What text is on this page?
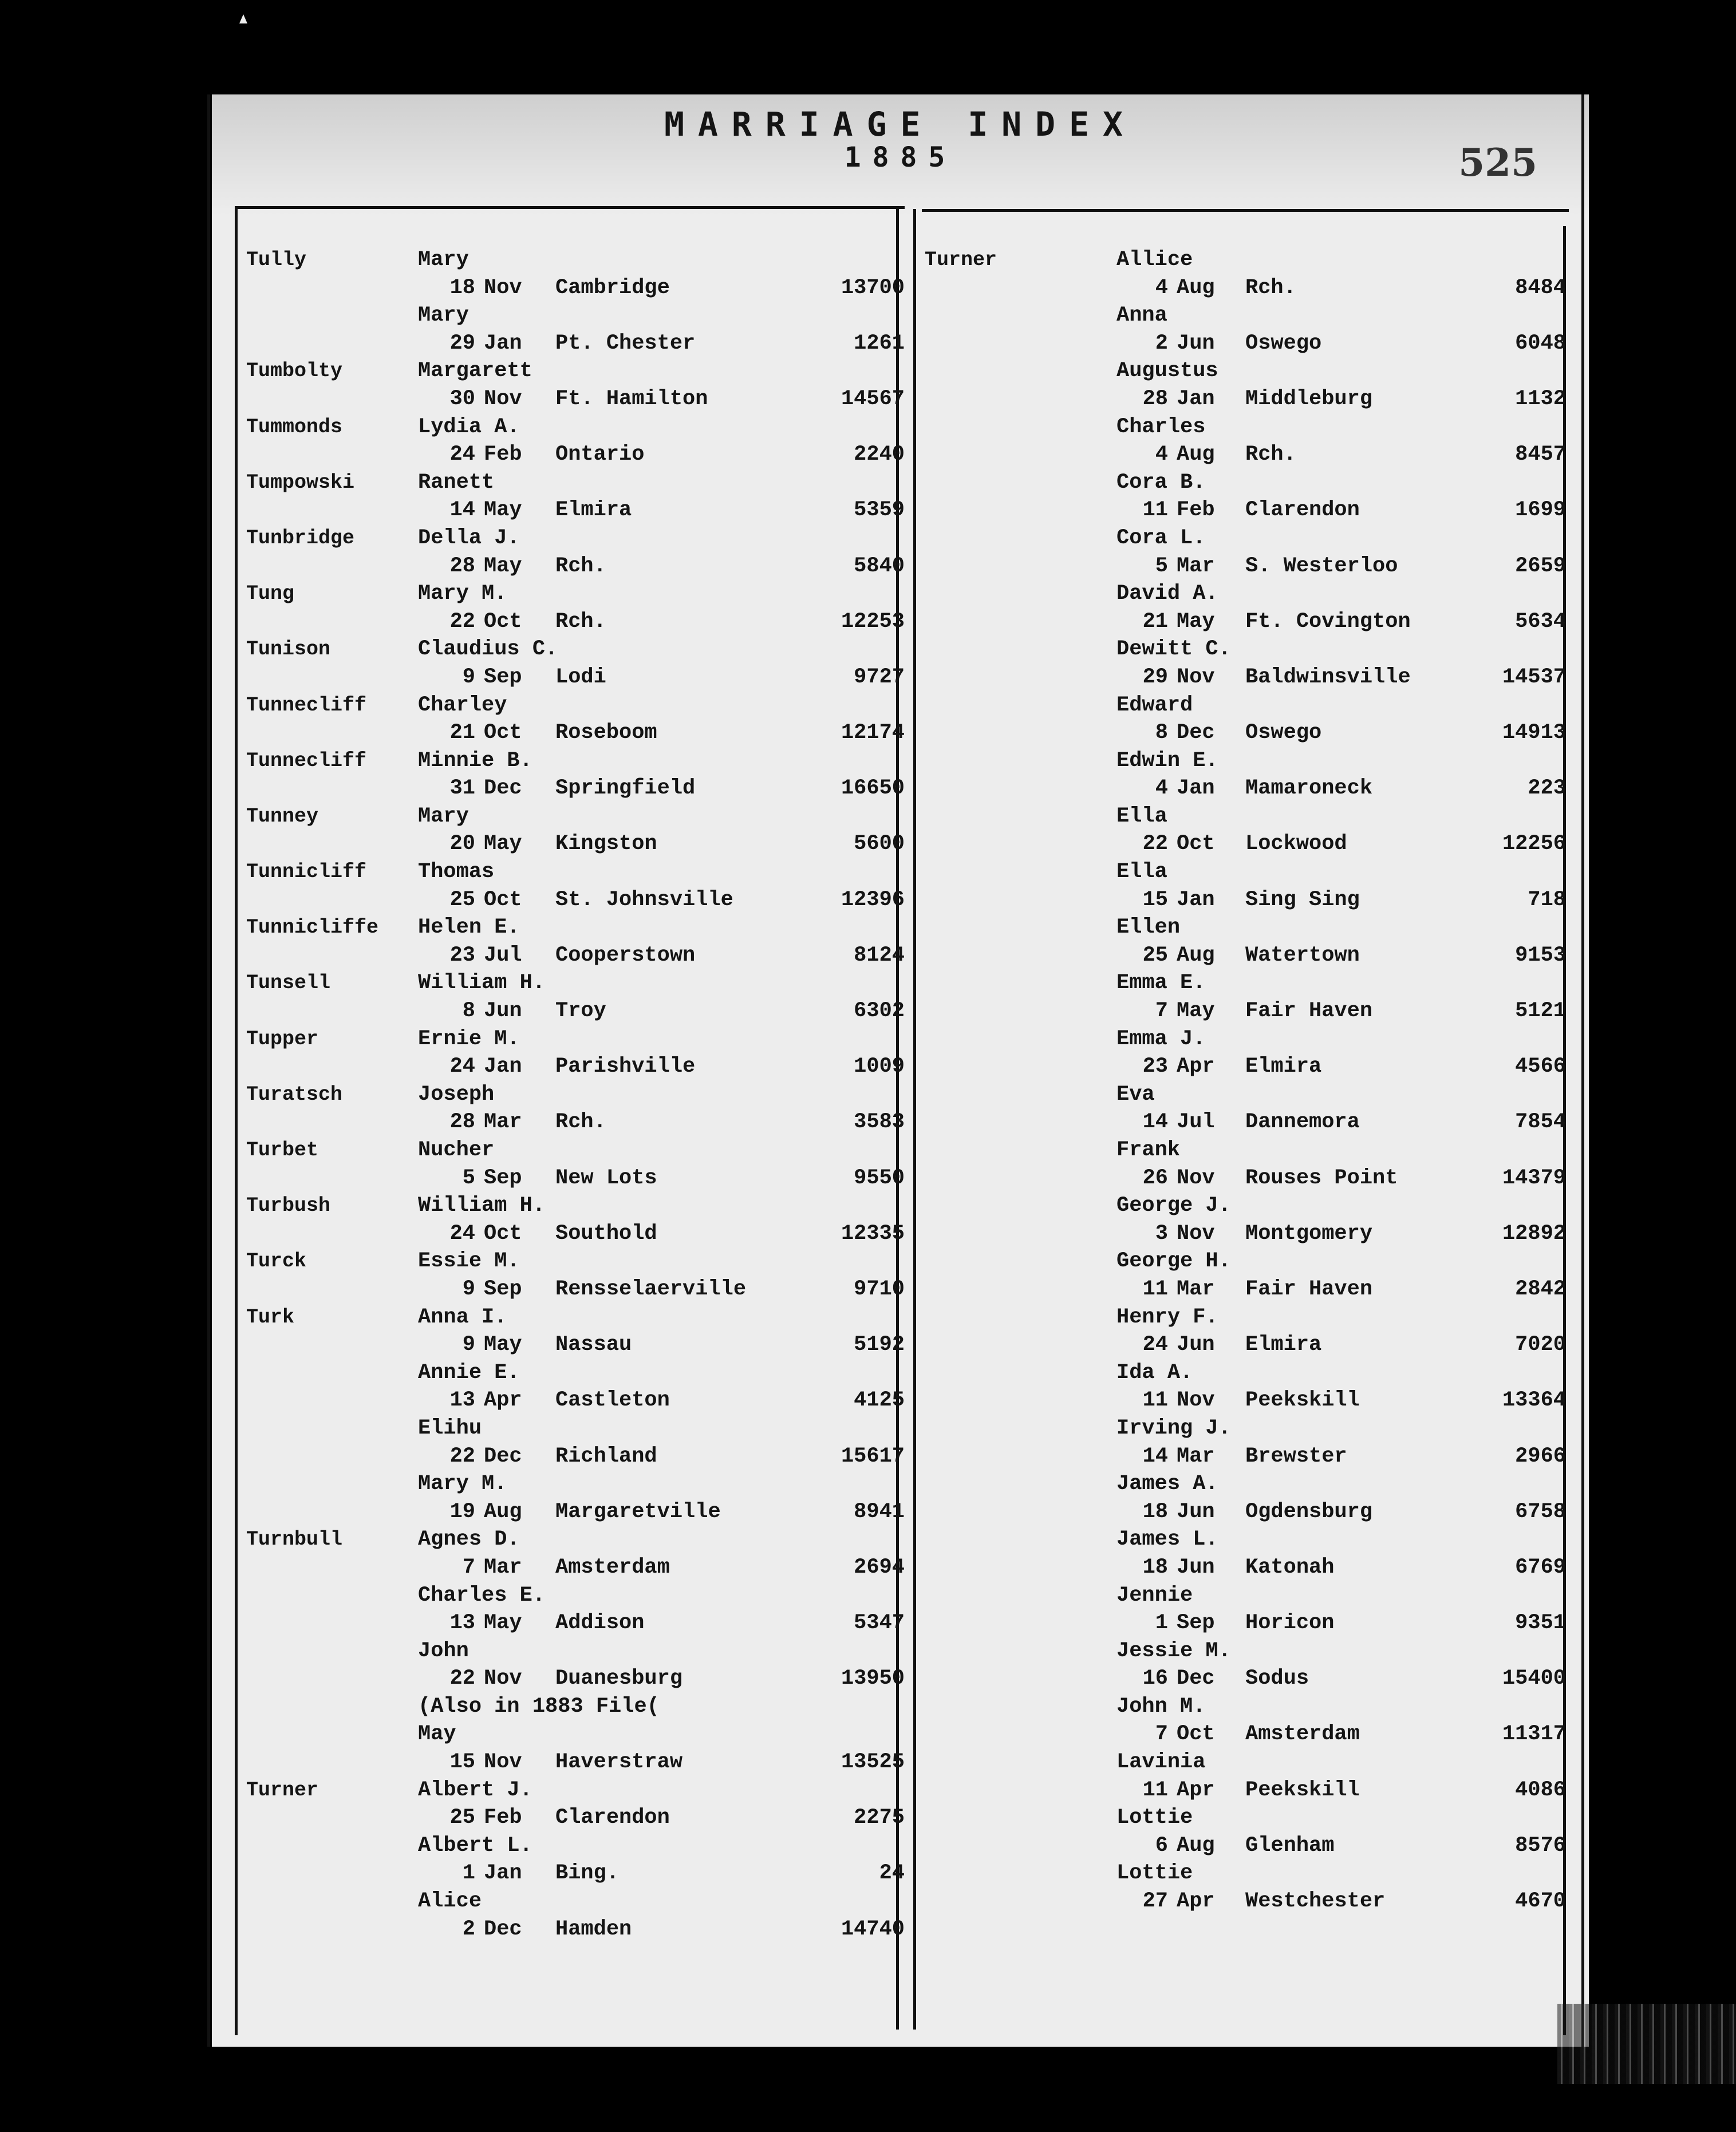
MARRIAGE INDEX
1885	525
Tully	Mary
18 Nov Cambridge	13700
Mary
29 Jan Pt. Chester	1261
Tumbolty	Margarett
30 Nov Ft. Hamilton	14567
Tummonds	Lydia A.
24 Feb Ontario	2240
Tumpowski	Ranett
14 May Elmira	5359
Tunbridge	Della J.
28 May Rch.	5840
Tung	Mary M.
22 Oct Rch.	12253
Tunison	Claudius C.
9 Sep Lodi	9727
Tunnecliff Charley
21 Oct Roseboom	12174
Tunnecliff Minnie B.
31 Dec Springfield	16650
Tunney	Mary
20 May Kingston	5600
Tunnicliff Thomas
25 Oct St. Johnsville	12396
Tunnicliffe Helen E.
23 Jul Cooperstown	8124
Tunsell	William H.
8 Jun Troy	6302
Tupper	Ernie M.
24 Jan Parishville	1009
Turatsch	Joseph
28 Mar Rch.	3583
Turbet	Nucher
5 Sep New Lots	9550
Turbush	William H.
24 Oct Southold	12335
Turck	Essie M.
9 Sep Rensselaerville	9710
Turk	Anna I.
9 May Nassau	5192
Annie E.
13 Apr Castleton	4125
Elihu
22 Dec Richland	15617
Mary M.
19 Aug Margaretville	8941
Turnbull	Agnes D.
7 Mar Amsterdam	2694
Charles E.
13 May Addison	5347
John
22 Nov Duanesburg	13950
(Also in 1883 File(
May
15 Nov Haverstraw	13525
Turner	Albert J.
25 Feb Clarendon	2275
Albert L.
1 Jan Bing.	24
Alice
2 Dec Hamden	14740
Turner	Allice
4 Aug Rch.	8484
Anna
2 Jun Oswego	6048
Augustus
28 Jan Middleburg	1132
Charles
4 Aug Rch.	8457
Cora B.
11 Feb Clarendon	1699
Cora L.
5 Mar S. Westerloo	2659
David A.
21 May Ft. Covington	5634
Dewitt C.
29 Nov Baldwinsville	14537
Edward
8 Dec Oswego	14913
Edwin E.
4 Jan Mamaroneck	223
Ella
22 Oct Lockwood	12256
Ella
15 Jan Sing Sing	718
Ellen
25 Aug Watertown	9153
Emma E.
7 May Fair Haven	5121
Emma J.
23 Apr Elmira	4566
Eva
14 Jul Dannemora	7854
Frank
26 Nov Rouses Point	14379
George J.
3 Nov Montgomery	12892
George H.
11 Mar Fair Haven	2842
Henry F.
24 Jun Elmira	7020
Ida A.
11 Nov Peekskill	13364
Irving J.
14 Mar Brewster	2966
James A.
18 Jun Ogdensburg	6758
James L.
18 Jun Katonah	6769
Jennie
1 Sep Horicon	9351
Jessie M.
16 Dec Sodus	15400
John M.
7 Oct Amsterdam	11317
Lavinia
11 Apr Peekskill	4086
Lottie
6 Aug Glenham	8576
Lottie
27 Apr Westchester	4670
